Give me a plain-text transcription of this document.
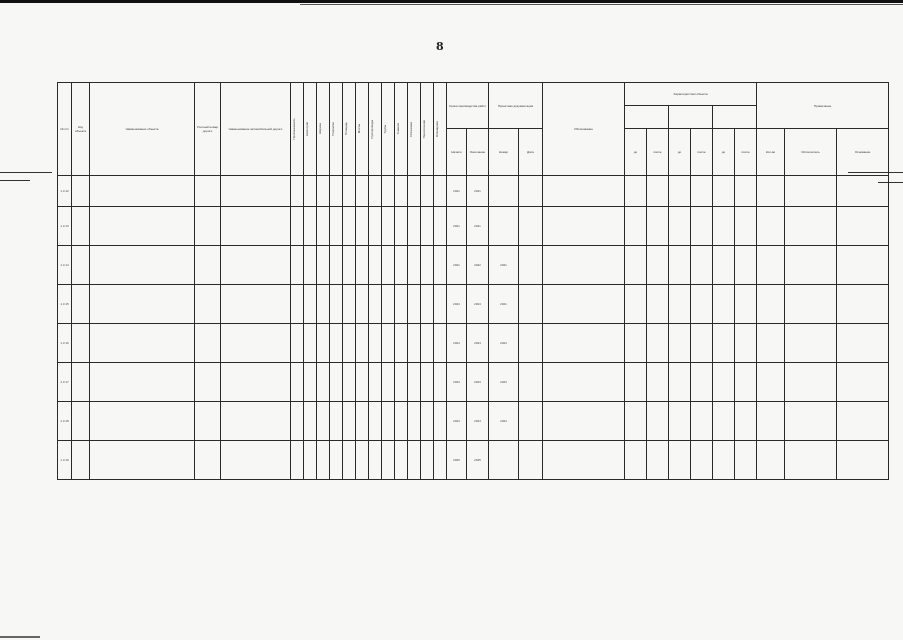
8
№ п/п	Код объекта	Наименование объекта	Учетный номер дороги	Наименование автомобильной дороги	Протяженность	Категория	Ширина	Покрытие	Площадь	Мосты	Путепроводы	Трубы	Тоннели	Остановки	Пересечения	Освещение	Сроки производства работ		Проектная документация		Обоснование	Характеристики объекта						Примечание		

																	Начало	Окончание	Номер	Дата		до	после	до	после	до	после	Кол-во	Исполнитель	Основание
1.3.12																	2021	2021												
1.3.13																	2021	2021												
1.3.14																	2021	2022	2021											
1.3.15																	2024	2024	2021											
1.3.16																	2024	2024	2024											
1.3.17																	2023	2023	2023											
1.3.18																	2024	2024	2024											
1.3.19																	2025	2025												
